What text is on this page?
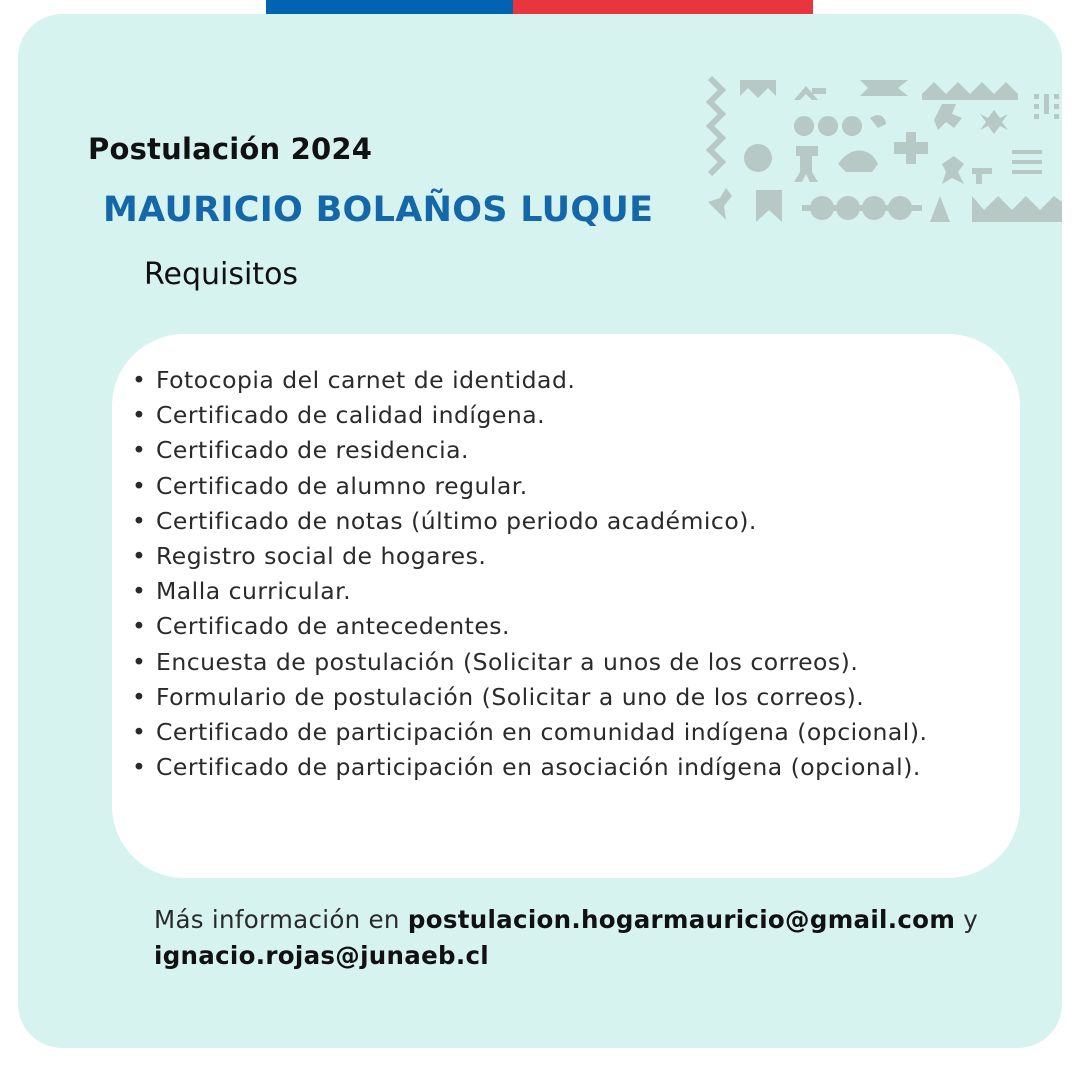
Postulación 2024
MAURICIO BOLAÑOS LUQUE
Requisitos
• Fotocopia del carnet de identidad.
• Certificado de calidad indígena.
• Certificado de residencia.
• Certificado de alumno regular.
• Certificado de notas (último periodo académico).
• Registro social de hogares.
• Malla curricular.
• Certificado de antecedentes.
• Encuesta de postulación (Solicitar a unos de los correos).
• Formulario de postulación (Solicitar a uno de los correos).
• Certificado de participación en comunidad indígena (opcional).
• Certificado de participación en asociación indígena (opcional).

Más información en postulacion.hogarmauricio@gmail.com y ignacio.rojas@junaeb.cl
